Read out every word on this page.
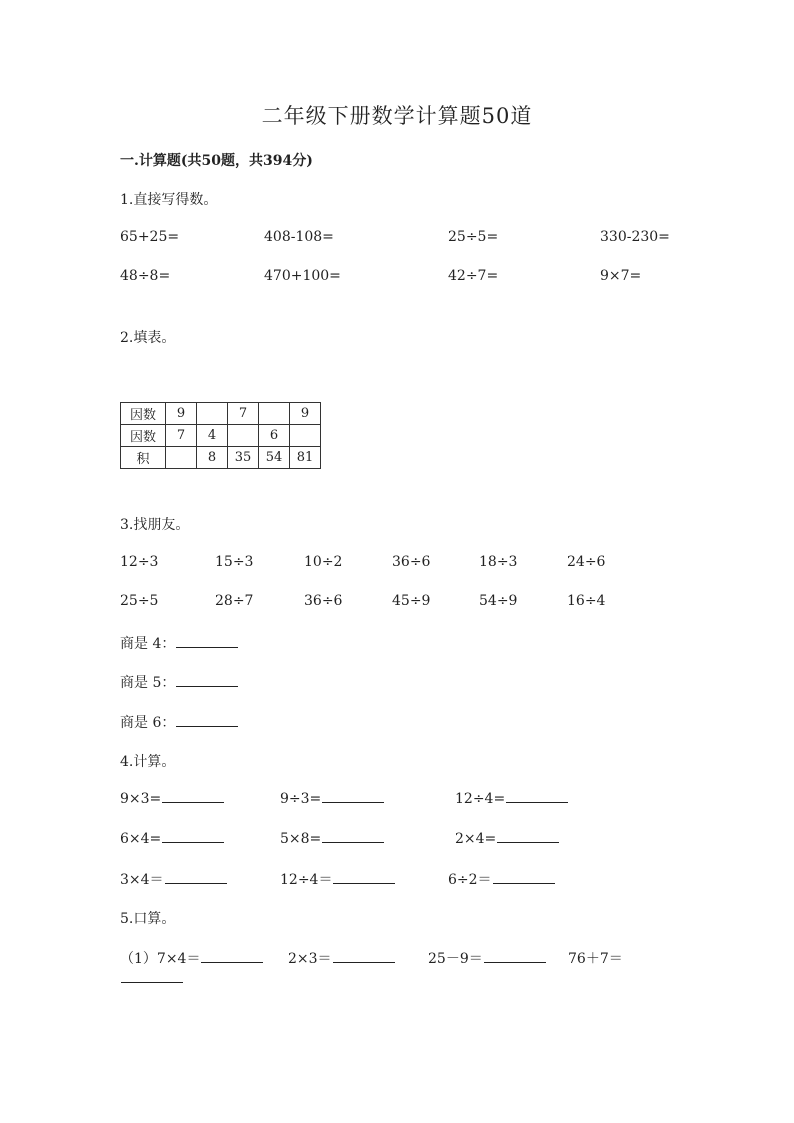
二年级下册数学计算题50道
一.计算题(共50题，共394分)
1.直接写得数。
65+25=	408-108=	25÷5=	330-230=
48÷8=	470+100=	42÷7=	9×7=
2.填表。
因数	9		7		9
因数	7	4		6	
积		8	35	54	81
3.找朋友。
12÷3	15÷3	10÷2	36÷6	18÷3	24÷6
25÷5	28÷7	36÷6	45÷9	54÷9	16÷4
商是 4：
商是 5：
商是 6：
4.计算。
9×3=	9÷3=	12÷4=
6×4=	5×8=	2×4=
3×4＝	12÷4＝	6÷2＝
5.口算。
（1）7×4＝	2×3＝	25－9＝	76＋7＝
